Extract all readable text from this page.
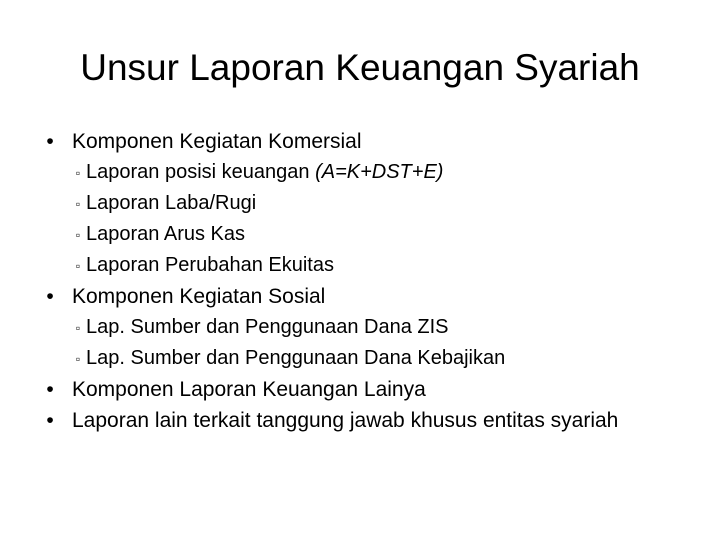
Unsur Laporan Keuangan Syariah
• Komponen Kegiatan Komersial
▫ Laporan posisi keuangan (A=K+DST+E)
▫ Laporan Laba/Rugi
▫ Laporan Arus Kas
▫ Laporan Perubahan Ekuitas
• Komponen Kegiatan Sosial
▫ Lap. Sumber dan Penggunaan Dana ZIS
▫ Lap. Sumber dan Penggunaan Dana Kebajikan
• Komponen Laporan Keuangan Lainya
• Laporan lain terkait tanggung jawab khusus entitas syariah
